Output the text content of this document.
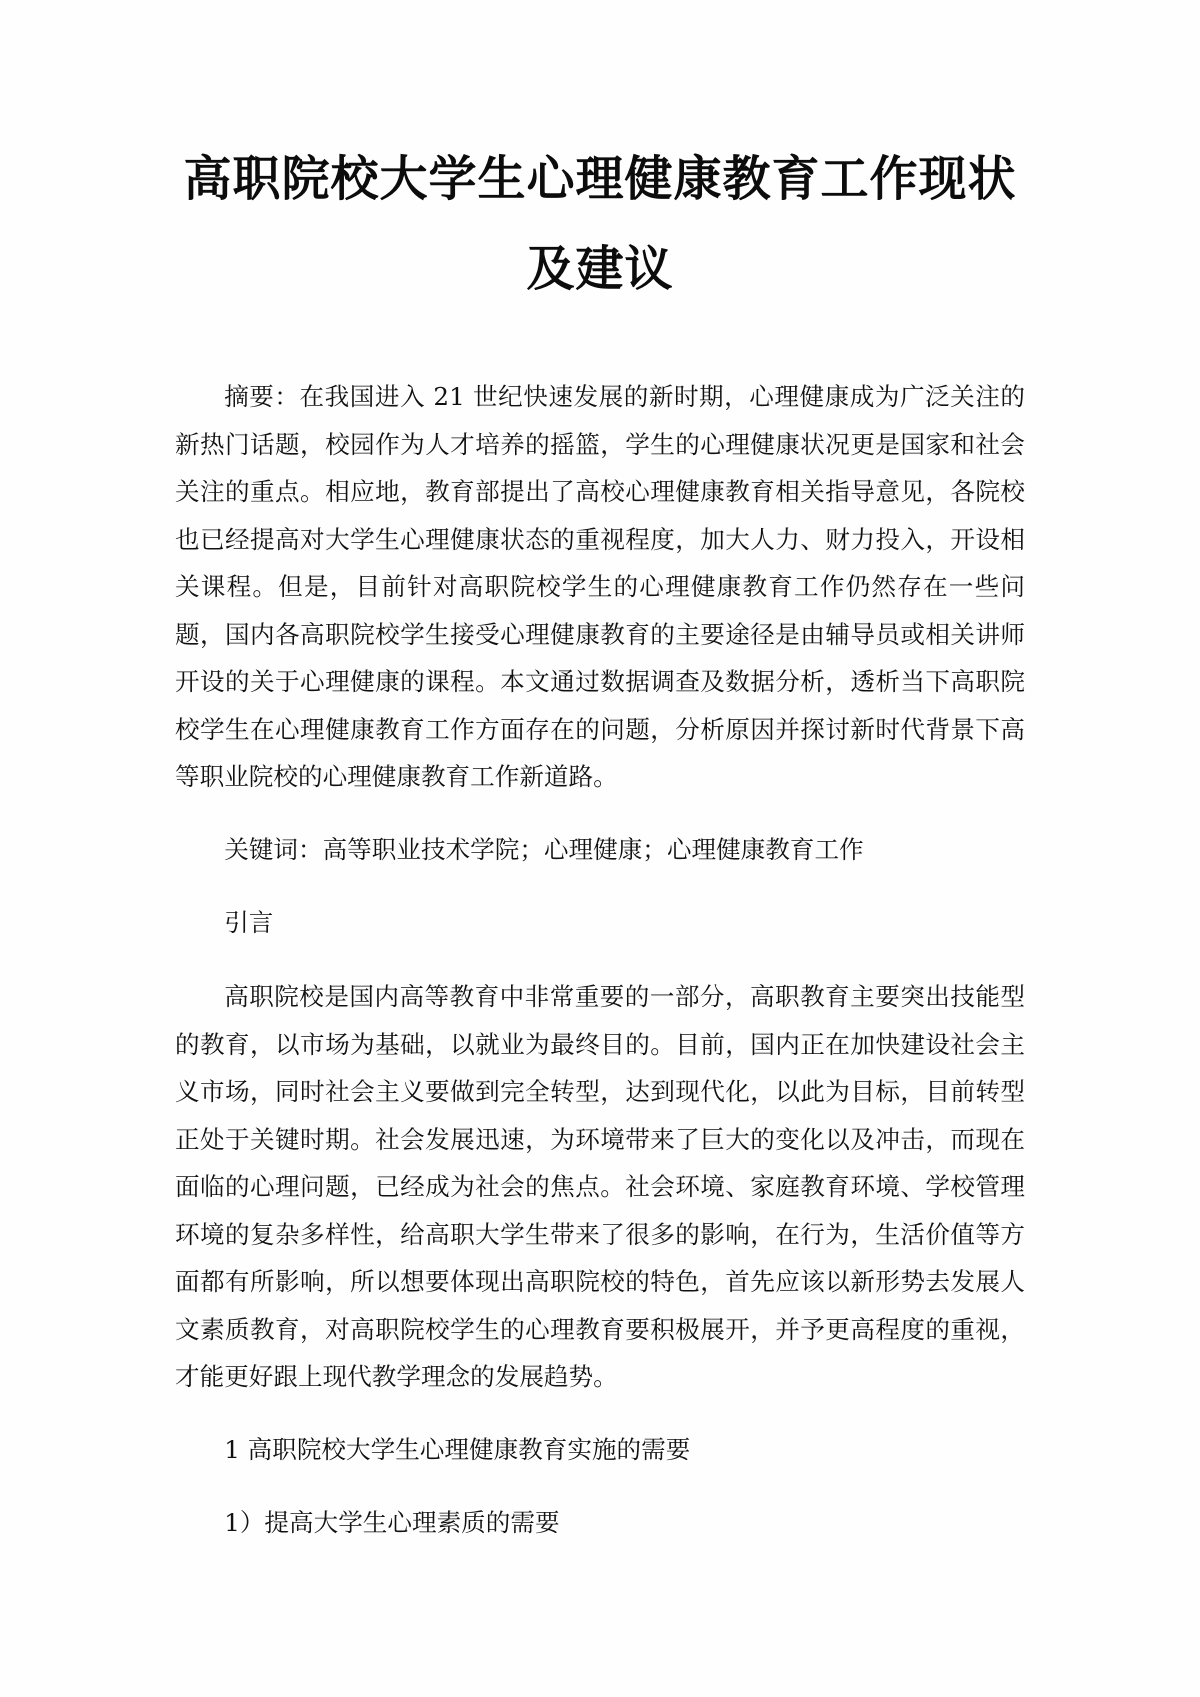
高职院校大学生心理健康教育工作现状
及建议

摘要：在我国进入 21 世纪快速发展的新时期，心理健康成为广泛关注的新热门话题，校园作为人才培养的摇篮，学生的心理健康状况更是国家和社会关注的重点。相应地，教育部提出了高校心理健康教育相关指导意见，各院校也已经提高对大学生心理健康状态的重视程度，加大人力、财力投入，开设相关课程。但是，目前针对高职院校学生的心理健康教育工作仍然存在一些问题，国内各高职院校学生接受心理健康教育的主要途径是由辅导员或相关讲师开设的关于心理健康的课程。本文通过数据调查及数据分析，透析当下高职院校学生在心理健康教育工作方面存在的问题，分析原因并探讨新时代背景下高等职业院校的心理健康教育工作新道路。

关键词：高等职业技术学院；心理健康；心理健康教育工作

引言

高职院校是国内高等教育中非常重要的一部分，高职教育主要突出技能型的教育，以市场为基础，以就业为最终目的。目前，国内正在加快建设社会主义市场，同时社会主义要做到完全转型，达到现代化，以此为目标，目前转型正处于关键时期。社会发展迅速，为环境带来了巨大的变化以及冲击，而现在面临的心理问题，已经成为社会的焦点。社会环境、家庭教育环境、学校管理环境的复杂多样性，给高职大学生带来了很多的影响，在行为，生活价值等方面都有所影响，所以想要体现出高职院校的特色，首先应该以新形势去发展人文素质教育，对高职院校学生的心理教育要积极展开，并予更高程度的重视，才能更好跟上现代教学理念的发展趋势。

1 高职院校大学生心理健康教育实施的需要

1）提高大学生心理素质的需要
